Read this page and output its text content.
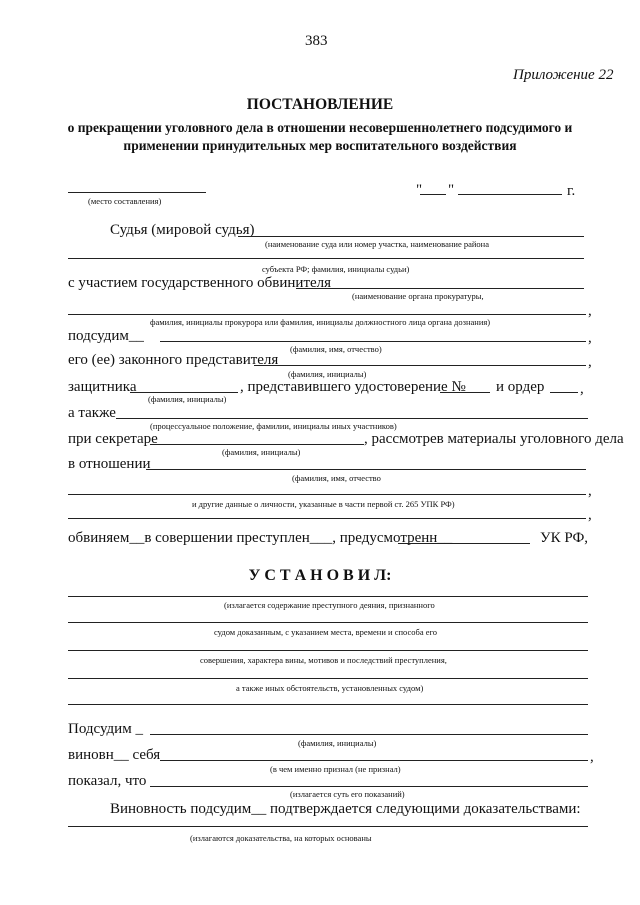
383
Приложение 22
ПОСТАНОВЛЕНИЕ
о прекращении уголовного дела в отношении несовершеннолетнего подсудимого и
применении принудительных мер воспитательного воздействия
(место составления)
" "	г.
Судья (мировой судья)
(наименование суда или номер участка, наименование района
субъекта РФ; фамилия, инициалы судьи)
с участием государственного обвинителя
(наименование органа прокуратуры,
,
фамилия, инициалы прокурора или фамилия, инициалы должностного лица органа дознания)
подсудим__	,
(фамилия, имя, отчество)
его (ее) законного представителя	,
(фамилия, инициалы)
защитника	, представившего удостоверение № и ордер ,
(фамилия, инициалы)
а также
(процессуальное положение, фамилии, инициалы иных участников)
при секретаре	, рассмотрев материалы уголовного дела
(фамилия, инициалы)
в отношении
(фамилия, имя, отчество
,
и другие данные о личности, указанные в части первой ст. 265 УПК РФ)
,
обвиняем__в совершении преступлен___, предусмотренн__	УК РФ,
У С Т А Н О В И Л:
(излагается содержание преступного деяния, признанного
судом доказанным, с указанием места, времени и способа его
совершения, характера вины, мотивов и последствий преступления,
а также иных обстоятельств, установленных судом)
Подсудим _
(фамилия, инициалы)
виновн__ себя	,
(в чем именно признал (не признал)
показал, что
(излагается суть его показаний)
Виновность подсудим__ подтверждается следующими доказательствами:
(излагаются доказательства, на которых основаны
